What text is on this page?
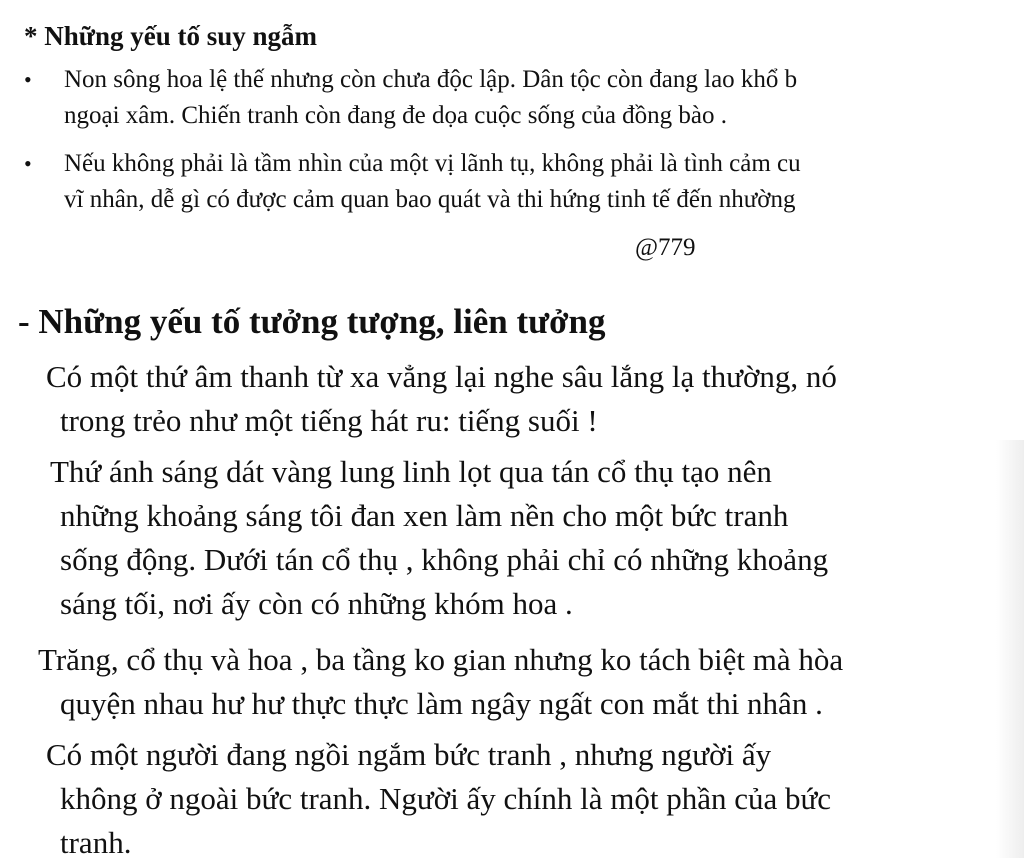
* Những yếu tố suy ngẫm
• Non sông hoa lệ thế nhưng còn chưa độc lập. Dân tộc còn đang lao khổ b
ngoại xâm. Chiến tranh còn đang đe dọa cuộc sống của đồng bào .
• Nếu không phải là tầm nhìn của một vị lãnh tụ, không phải là tình cảm cu
vĩ nhân, dễ gì có được cảm quan bao quát và thi hứng tinh tế đến nhường
@779
- Những yếu tố tưởng tượng, liên tưởng
Có một thứ âm thanh từ xa vẳng lại nghe sâu lắng lạ thường, nó
trong trẻo như một tiếng hát ru: tiếng suối !
Thứ ánh sáng dát vàng lung linh lọt qua tán cổ thụ tạo nên
những khoảng sáng tôi đan xen làm nền cho một bức tranh
sống động. Dưới tán cổ thụ , không phải chỉ có những khoảng
sáng tối, nơi ấy còn có những khóm hoa .
Trăng, cổ thụ và hoa , ba tầng ko gian nhưng ko tách biệt mà hòa
quyện nhau hư hư thực thực làm ngây ngất con mắt thi nhân .
Có một người đang ngồi ngắm bức tranh , nhưng người ấy
không ở ngoài bức tranh. Người ấy chính là một phần của bức
tranh.
